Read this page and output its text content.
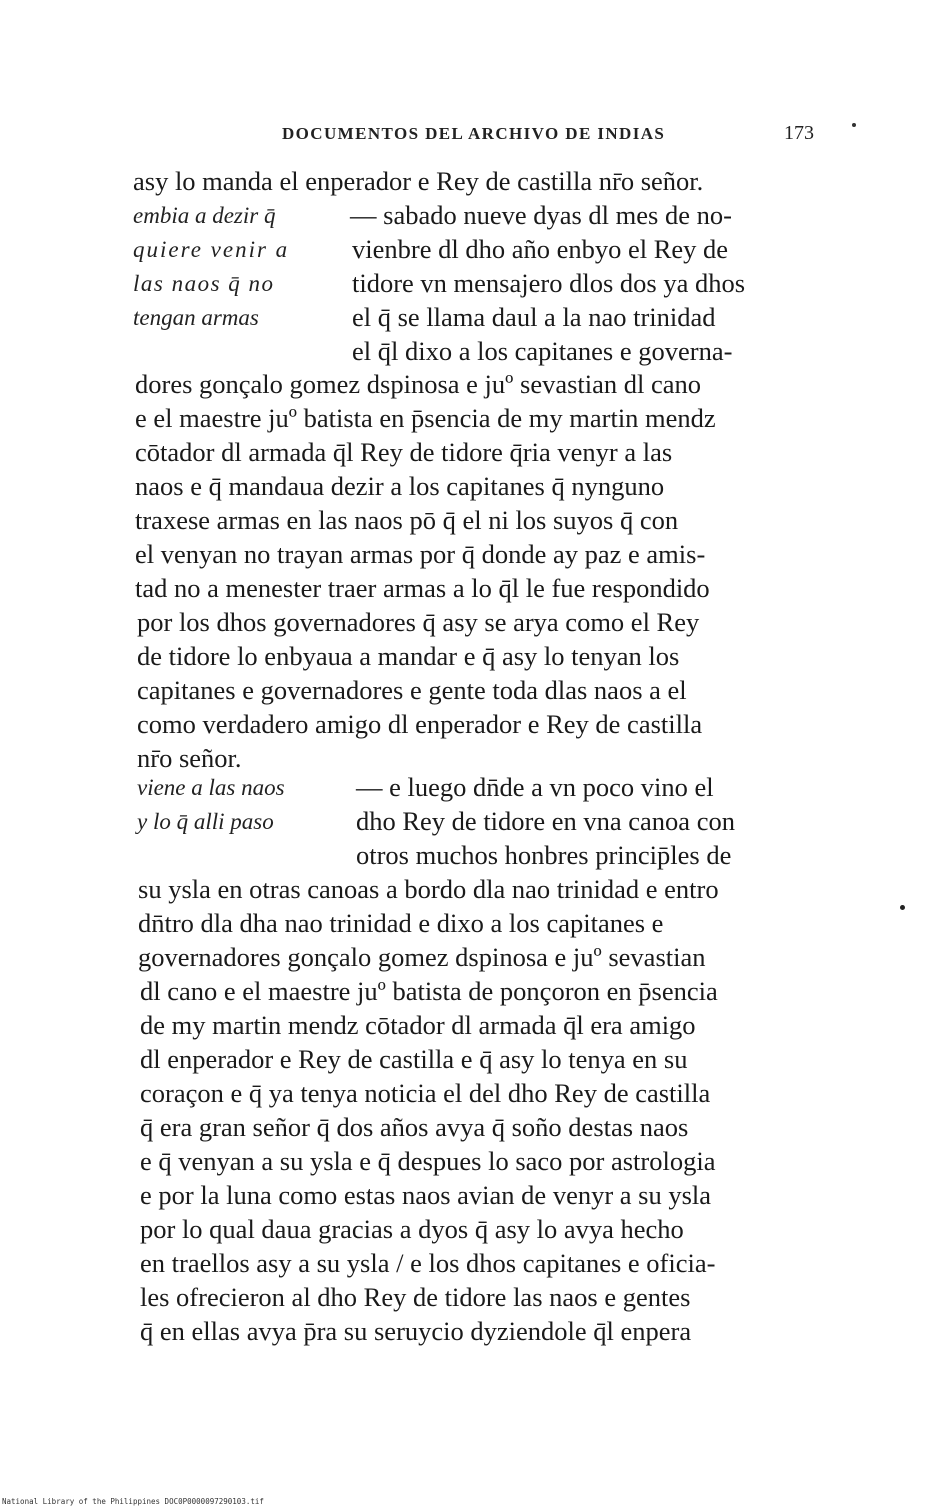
DOCUMENTOS DEL ARCHIVO DE INDIAS	173
embia a dezir q̄
quiere venir a
las naos q̄ no
tengan armas
viene a las naos
y lo q̄ alli paso
asy lo manda el enperador e Rey de castilla nr̄o señor.
— sabado nueve dyas dl mes de no-
vienbre dl dho año enbyo el Rey de
tidore vn mensajero dlos dos ya dhos
el q̄ se llama daul a la nao trinidad
el q̄l dixo a los capitanes e governa-
dores gonçalo gomez dspinosa e juº sevastian dl cano
e el maestre juº batista en p̄sencia de my martin mendz
cōtador dl armada q̄l Rey de tidore q̄ria venyr a las
naos e q̄ mandaua dezir a los capitanes q̄ nynguno
traxese armas en las naos pō q̄ el ni los suyos q̄ con
el venyan no trayan armas por q̄ donde ay paz e amis-
tad no a menester traer armas a lo q̄l le fue respondido
por los dhos governadores q̄ asy se arya como el Rey
de tidore lo enbyaua a mandar e q̄ asy lo tenyan los
capitanes e governadores e gente toda dlas naos a el
como verdadero amigo dl enperador e Rey de castilla
nr̄o señor.
— e luego dn̄de a vn poco vino el
dho Rey de tidore en vna canoa con
otros muchos honbres princip̄les de
su ysla en otras canoas a bordo dla nao trinidad e entro
dn̄tro dla dha nao trinidad e dixo a los capitanes e
governadores gonçalo gomez dspinosa e juº sevastian
dl cano e el maestre juº batista de ponçoron en p̄sencia
de my martin mendz cōtador dl armada q̄l era amigo
dl enperador e Rey de castilla e q̄ asy lo tenya en su
coraçon e q̄ ya tenya noticia el del dho Rey de castilla
q̄ era gran señor q̄ dos años avya q̄ soño destas naos
e q̄ venyan a su ysla e q̄ despues lo saco por astrologia
e por la luna como estas naos avian de venyr a su ysla
por lo qual daua gracias a dyos q̄ asy lo avya hecho
en traellos asy a su ysla / e los dhos capitanes e oficia-
les ofrecieron al dho Rey de tidore las naos e gentes
q̄ en ellas avya p̄ra su seruycio dyziendole q̄l enpera
National Library of the Philippines DOC0P0000097290103.tif
